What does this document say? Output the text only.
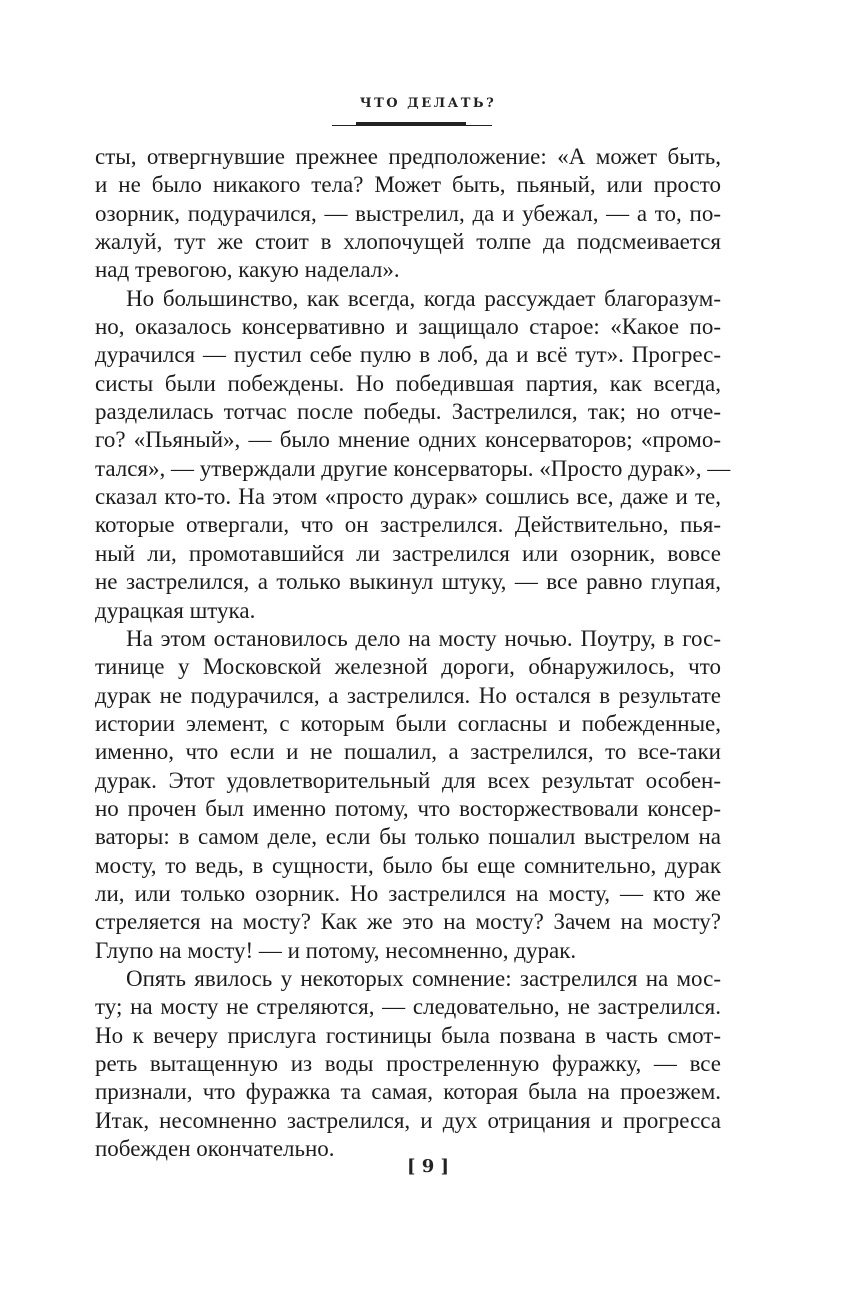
ЧТО ДЕЛАТЬ?
сты, отвергнувшие прежнее предположение: «А может быть,
и не было никакого тела? Может быть, пьяный, или просто
озорник, подурачился, — выстрелил, да и убежал, — а то, по-
жалуй, тут же стоит в хлопочущей толпе да подсмеивается
над тревогою, какую наделал».
Но большинство, как всегда, когда рассуждает благоразум-
но, оказалось консервативно и защищало старое: «Какое по-
дурачился — пустил себе пулю в лоб, да и всё тут». Прогрес-
систы были побеждены. Но победившая партия, как всегда,
разделилась тотчас после победы. Застрелился, так; но отче-
го? «Пьяный», — было мнение одних консерваторов; «промо-
тался», — утверждали другие консерваторы. «Просто дурак», —
сказал кто-то. На этом «просто дурак» сошлись все, даже и те,
которые отвергали, что он застрелился. Действительно, пья-
ный ли, промотавшийся ли застрелился или озорник, вовсе
не застрелился, а только выкинул штуку, — все равно глупая,
дурацкая штука.
На этом остановилось дело на мосту ночью. Поутру, в гос-
тинице у Московской железной дороги, обнаружилось, что
дурак не подурачился, а застрелился. Но остался в результате
истории элемент, с которым были согласны и побежденные,
именно, что если и не пошалил, а застрелился, то все-таки
дурак. Этот удовлетворительный для всех результат особен-
но прочен был именно потому, что восторжествовали консер-
ваторы: в самом деле, если бы только пошалил выстрелом на
мосту, то ведь, в сущности, было бы еще сомнительно, дурак
ли, или только озорник. Но застрелился на мосту, — кто же
стреляется на мосту? Как же это на мосту? Зачем на мосту?
Глупо на мосту! — и потому, несомненно, дурак.
Опять явилось у некоторых сомнение: застрелился на мос-
ту; на мосту не стреляются, — следовательно, не застрелился.
Но к вечеру прислуга гостиницы была позвана в часть смот-
реть вытащенную из воды простреленную фуражку, — все
признали, что фуражка та самая, которая была на проезжем.
Итак, несомненно застрелился, и дух отрицания и прогресса
побежден окончательно.
[ 9 ]
